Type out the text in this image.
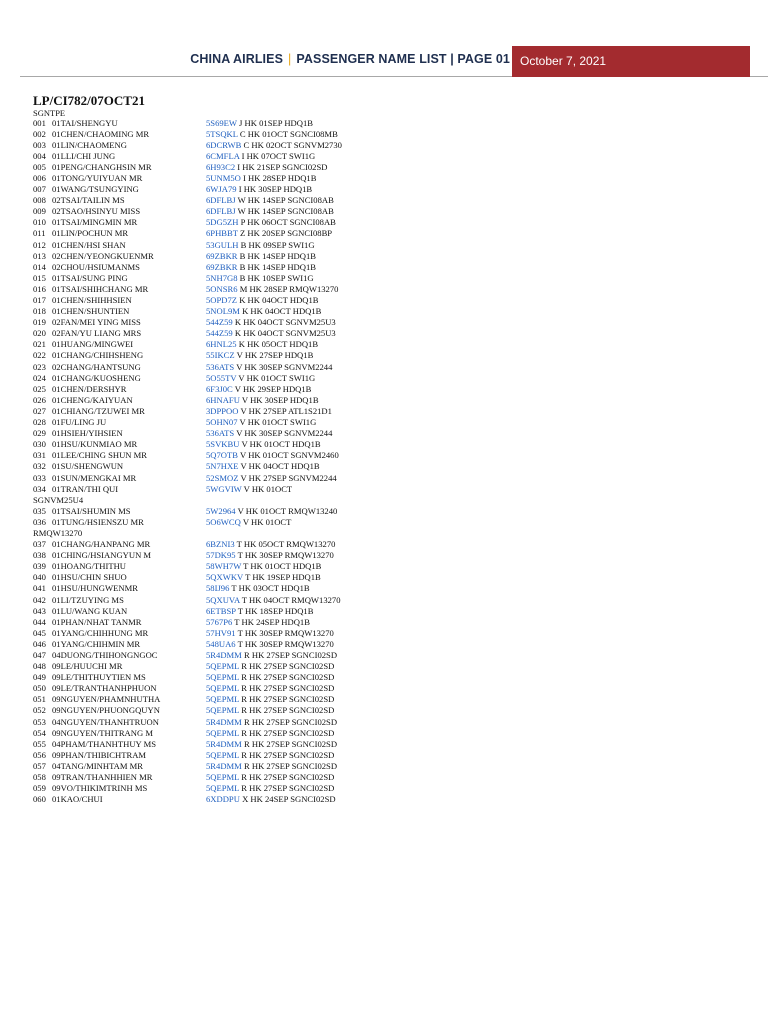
CHINA AIRLIES | PASSENGER NAME LIST | PAGE 01 October 7, 2021
LP/CI782/07OCT21
SGNTPE
001 01TAI/SHENGYU	5S69EW J HK 01SEP HDQ1B
002 01CHEN/CHAOMING MR	5TSQKL C HK 01OCT SGNCI08MB
003 01LIN/CHAOMENG	6DCRWB C HK 02OCT SGNVM2730
004 01LLI/CHI JUNG	6CMFLA I HK 07OCT SWI1G
005 01PENG/CHANGHSIN MR	6H93C2 I HK 21SEP SGNCI02SD
006 01TONG/YUIYUAN MR	5UNM5O I HK 28SEP HDQ1B
007 01WANG/TSUNGYING	6WJA79 I HK 30SEP HDQ1B
008 02TSAI/TAILIN MS	6DFLBJ W HK 14SEP SGNCI08AB
009 02TSAO/HSINYU MISS	6DFLBJ W HK 14SEP SGNCI08AB
010 01TSAI/MINGMIN MR	5DG5ZH P HK 06OCT SGNCI08AB
011 01LIN/POCHUN MR	6PHBBT Z HK 20SEP SGNCI08BP
012 01CHEN/HSI SHAN	53GULH B HK 09SEP SWI1G
013 02CHEN/YEONGKUENMR	69ZBKR B HK 14SEP HDQ1B
014 02CHOU/HSIUMANMS	69ZBKR B HK 14SEP HDQ1B
015 01TSAI/SUNG PING	5NH7G8 B HK 10SEP SWI1G
016 01TSAI/SHIHCHANG MR	5ONSR6 M HK 28SEP RMQW13270
017 01CHEN/SHIHHSIEN	5OPD7Z K HK 04OCT HDQ1B
018 01CHEN/SHUNTIEN	5NOL9M K HK 04OCT HDQ1B
019 02FAN/MEI YING MISS	544Z59 K HK 04OCT SGNVM25U3
020 02FAN/YU LIANG MRS	544Z59 K HK 04OCT SGNVM25U3
021 01HUANG/MINGWEI	6HNL25 K HK 05OCT HDQ1B
022 01CHANG/CHIHSHENG	55IKCZ V HK 27SEP HDQ1B
023 02CHANG/HANTSUNG	536ATS V HK 30SEP SGNVM2244
024 01CHANG/KUOSHENG	5O55TV V HK 01OCT SWI1G
025 01CHEN/DERSHYR	6F3J0C V HK 29SEP HDQ1B
026 01CHENG/KAIYUAN	6HNAFU V HK 30SEP HDQ1B
027 01CHIANG/TZUWEI MR	3DPPOO V HK 27SEP ATL1S21D1
028 01FU/LING JU	5OHN07 V HK 01OCT SWI1G
029 01HSIEH/YIHSIEN	536ATS V HK 30SEP SGNVM2244
030 01HSU/KUNMIAO MR	5SVKBU V HK 01OCT HDQ1B
031 01LEE/CHING SHUN MR	5Q7OTB V HK 01OCT SGNVM2460
032 01SU/SHENGWUN	5N7HXE V HK 04OCT HDQ1B
033 01SUN/MENGKAI MR	52SMOZ V HK 27SEP SGNVM2244
034 01TRAN/THI QUI	5WGVIW V HK 01OCT
SGNVM25U4
035 01TSAI/SHUMIN MS	5W2964 V HK 01OCT RMQW13240
036 01TUNG/HSIENSZU MR	5O6WCQ V HK 01OCT
RMQW13270
037 01CHANG/HANPANG MR	6BZNI3 T HK 05OCT RMQW13270
038 01CHING/HSIANGYUN M	57DK95 T HK 30SEP RMQW13270
039 01HOANG/THITHU	58WH7W T HK 01OCT HDQ1B
040 01HSU/CHIN SHUO	5QXWKV T HK 19SEP HDQ1B
041 01HSU/HUNGWENMR	58IJ96 T HK 03OCT HDQ1B
042 01LI/TZUYING MS	5QXUVA T HK 04OCT RMQW13270
043 01LU/WANG KUAN	6ETBSP T HK 18SEP HDQ1B
044 01PHAN/NHAT TANMR	5767P6 T HK 24SEP HDQ1B
045 01YANG/CHIHHUNG MR	57HV91 T HK 30SEP RMQW13270
046 01YANG/CHIHMIN MR	548UA6 T HK 30SEP RMQW13270
047 04DUONG/THIHONGNGOC	5R4DMM R HK 27SEP SGNCI02SD
048 09LE/HUUCHI MR	5QEPML R HK 27SEP SGNCI02SD
049 09LE/THITHUYTIEN MS	5QEPML R HK 27SEP SGNCI02SD
050 09LE/TRANTHANHPHUON	5QEPML R HK 27SEP SGNCI02SD
051 09NGUYEN/PHAMNHUTHA	5QEPML R HK 27SEP SGNCI02SD
052 09NGUYEN/PHUONGQUYN	5QEPML R HK 27SEP SGNCI02SD
053 04NGUYEN/THANHTRUON	5R4DMM R HK 27SEP SGNCI02SD
054 09NGUYEN/THITRANG M	5QEPML R HK 27SEP SGNCI02SD
055 04PHAM/THANHTHUY MS	5R4DMM R HK 27SEP SGNCI02SD
056 09PHAN/THIBICHTRAM	5QEPML R HK 27SEP SGNCI02SD
057 04TANG/MINHTAM MR	5R4DMM R HK 27SEP SGNCI02SD
058 09TRAN/THANHHIEN MR	5QEPML R HK 27SEP SGNCI02SD
059 09VO/THIKIMTRINH MS	5QEPML R HK 27SEP SGNCI02SD
060 01KAO/CHUI	6XDDPU X HK 24SEP SGNCI02SD
